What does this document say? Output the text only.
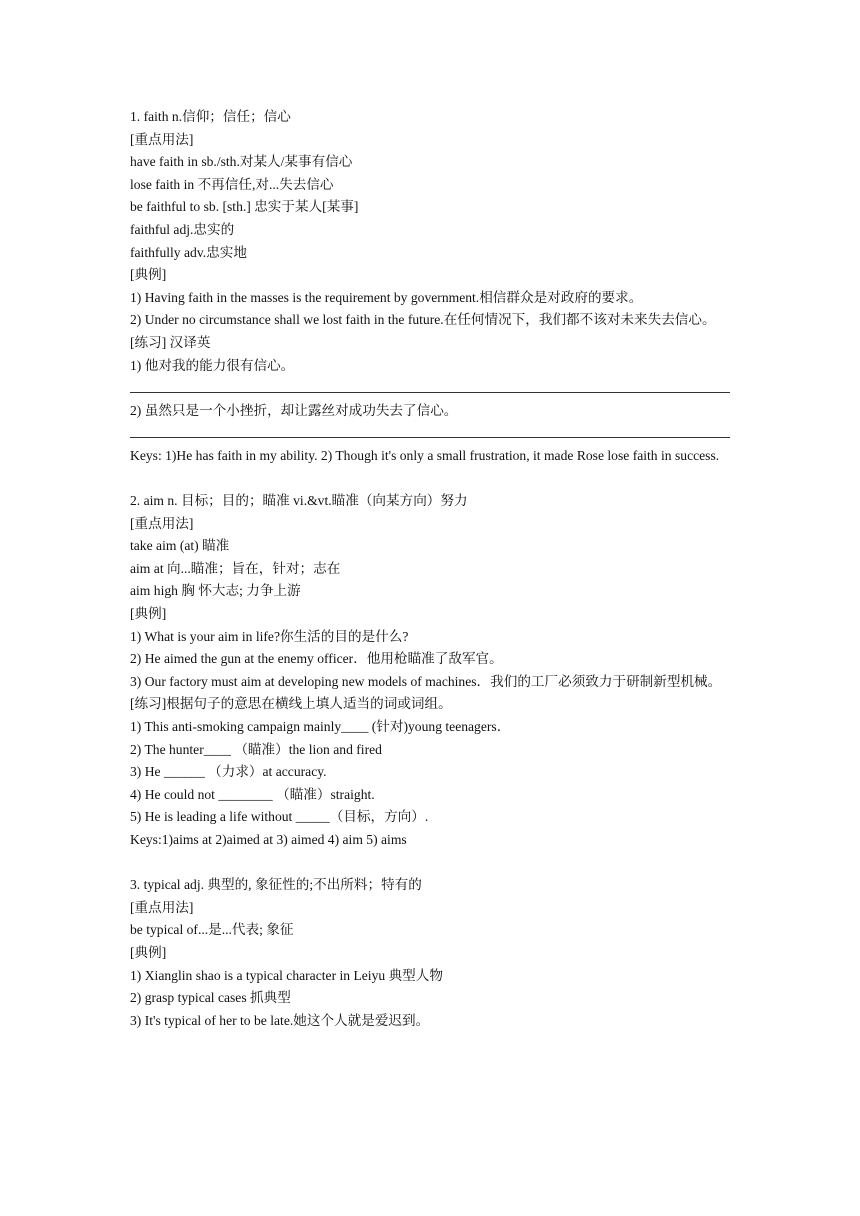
1. faith n.信仰；信任；信心
[重点用法]
have faith in sb./sth.对某人/某事有信心
lose faith in 不再信任,对...失去信心
be faithful to sb. [sth.] 忠实于某人[某事]
faithful adj.忠实的
faithfully adv.忠实地
[典例]
1) Having faith in the masses is the requirement by government.相信群众是对政府的要求。
2) Under no circumstance shall we lost faith in the future.在任何情况下，我们都不该对未来失去信心。
[练习] 汉译英
1) 他对我的能力很有信心。
2) 虽然只是一个小挫折，却让露丝对成功失去了信心。
Keys: 1)He has faith in my ability. 2) Though it's only a small frustration, it made Rose lose faith in success.
2. aim n. 目标；目的；瞄准 vi.&vt.瞄准（向某方向）努力
[重点用法]
take aim (at) 瞄准
aim at 向...瞄准；旨在，针对；志在
aim high 胸 怀大志; 力争上游
[典例]
1) What is your aim in life?你生活的目的是什么?
2) He aimed the gun at the enemy officer．他用枪瞄准了敌军官。
3) Our factory must aim at developing new models of machines．我们的工厂必须致力于研制新型机械。
[练习]根据句子的意思在横线上填人适当的词或词组。
1) This anti-smoking campaign mainly____ (针对)young teenagers．
2) The hunter____ （瞄准）the lion and fired
3) He ______ （力求）at accuracy.
4) He could not ________ （瞄准）straight.
5) He is leading a life without _____（目标，方向）.
Keys:1)aims at 2)aimed at 3) aimed 4) aim 5) aims
3. typical adj. 典型的, 象征性的;不出所料；特有的
[重点用法]
be typical of...是...代表; 象征
[典例]
1) Xianglin shao is a typical character in Leiyu 典型人物
2) grasp typical cases 抓典型
3) It's typical of her to be late.她这个人就是爱迟到。
